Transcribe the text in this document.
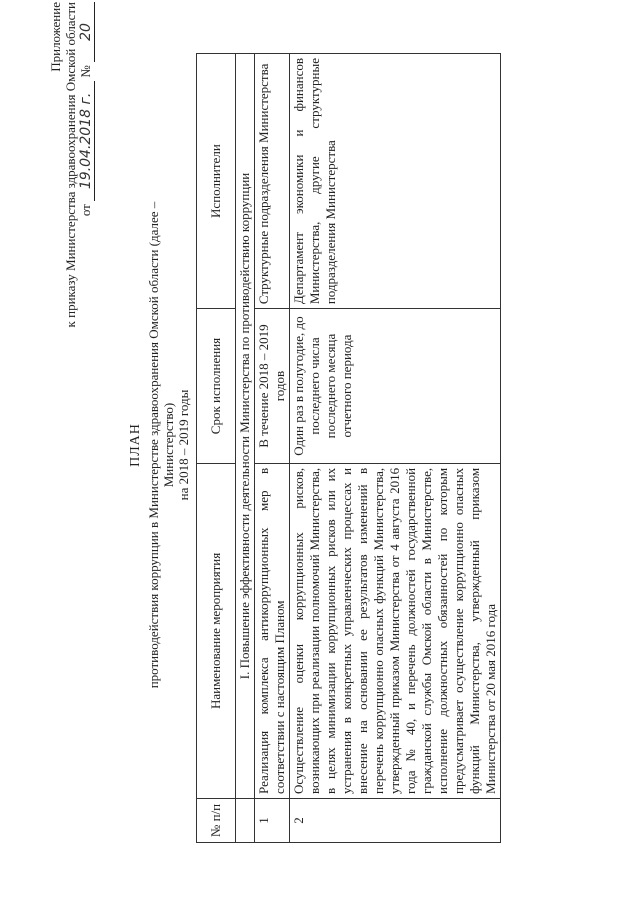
Приложение к приказу Министерства здравоохранения Омской области от 19.04.2018 г. № 20
ПЛАН противодействия коррупции в Министерстве здравоохранения Омской области (далее – Министерство) на 2018 – 2019 годы
№ п/п	Наименование мероприятия	Срок исполнения	Исполнители
	I. Повышение эффективности деятельности Министерства по противодействию коррупции		
1	Реализация комплекса антикоррупционных мер в соответствии с настоящим Планом	В течение 2018 – 2019 годов	Структурные подразделения Министерства
2	Осуществление оценки коррупционных рисков, возникающих при реализации полномочий Министерства, в целях минимизации коррупционных рисков или их устранения в конкретных управленческих процессах и внесение на основании ее результатов изменений в перечень коррупционно опасных функций Министерства, утвержденный приказом Министерства от 4 августа 2016 года № 40, и перечень должностей государственной гражданской службы Омской области в Министерстве, исполнение должностных обязанностей по которым предусматривает осуществление коррупционно опасных функций Министерства, утвержденный приказом Министерства от 20 мая 2016 года	Один раз в полугодие, до последнего числа последнего месяца отчетного периода	Департамент экономики и финансов Министерства, другие структурные подразделения Министерства
